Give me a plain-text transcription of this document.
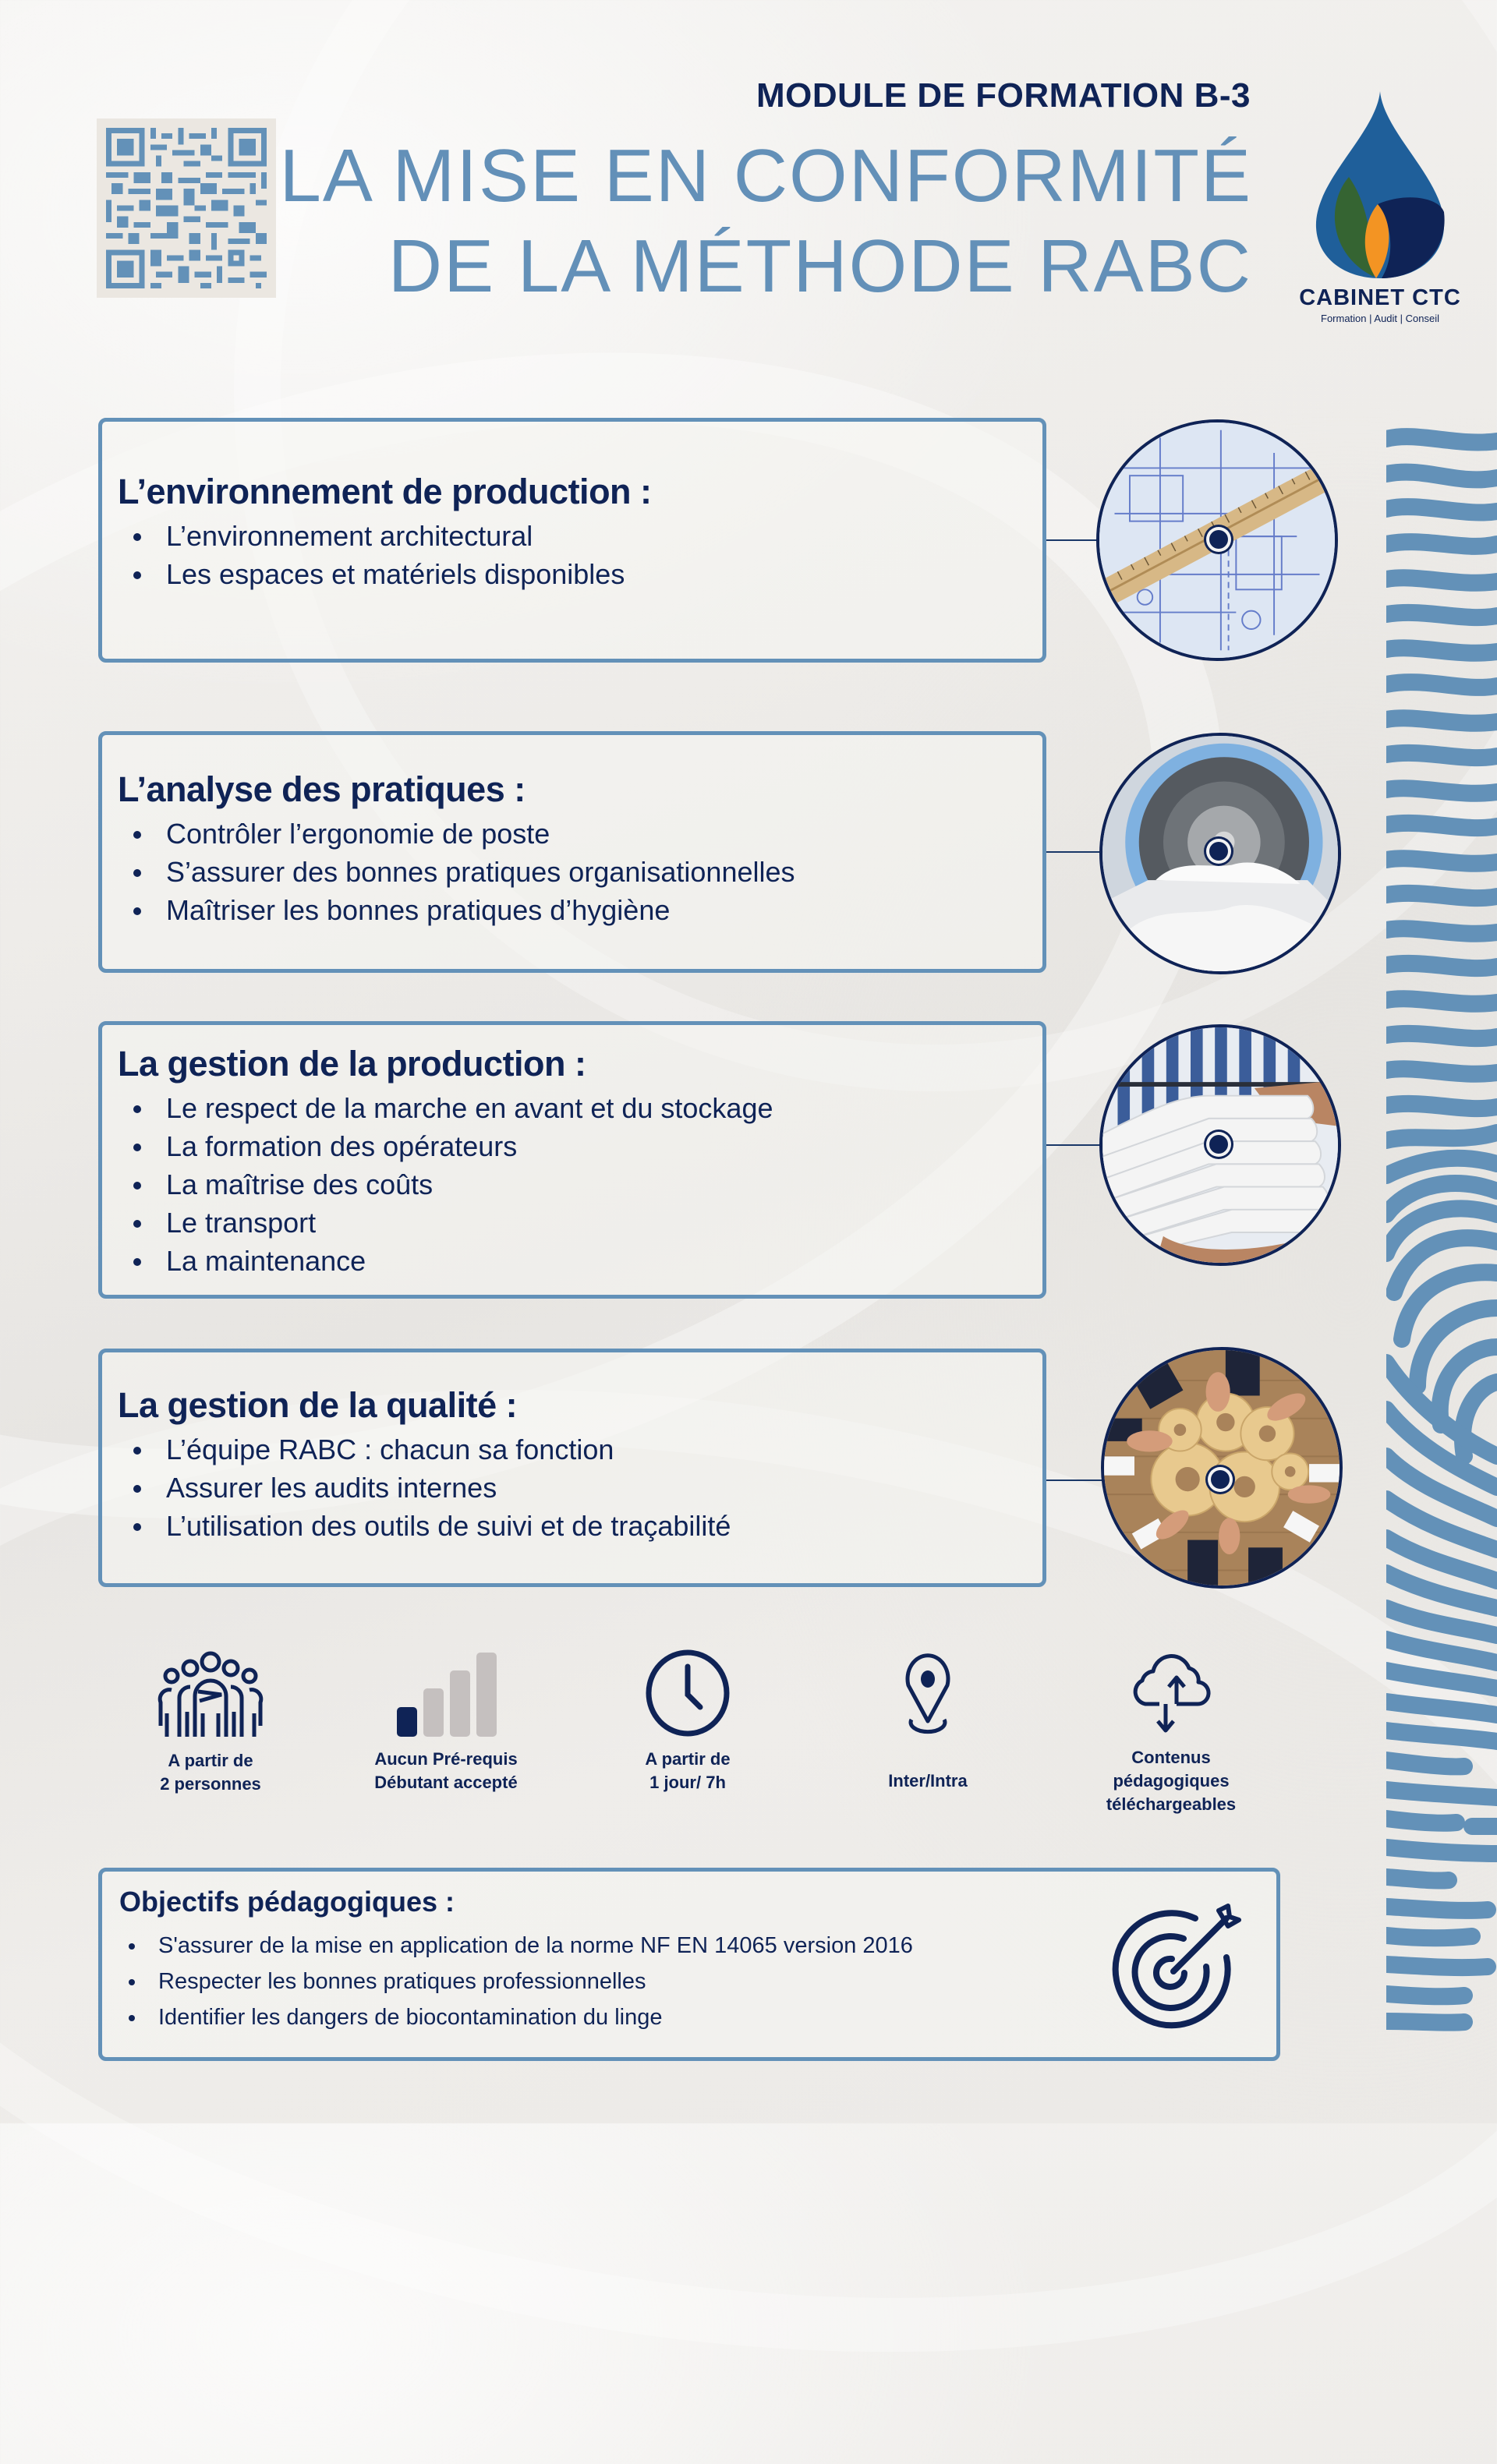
MODULE DE FORMATION B-3
LA MISE EN CONFORMITÉ
DE LA MÉTHODE RABC CABINET CTC
Formation | Audit | Conseil
L’environnement de production :
L’environnement architectural
Les espaces et matériels disponibles
L’analyse des pratiques :
Contrôler l’ergonomie de poste
S’assurer des bonnes pratiques organisationnelles
Maîtriser les bonnes pratiques d’hygiène
La gestion de la production :
Le respect de la marche en avant et du stockage
La formation des opérateurs
La maîtrise des coûts
Le transport
La maintenance
La gestion de la qualité :
L’équipe RABC : chacun sa fonction
Assurer les audits internes
L’utilisation des outils de suivi et de traçabilité
A partir de
2 personnes
Aucun Pré-requis
Débutant accepté
A partir de
1 jour/ 7h	Inter/Intra
Contenus
pédagogiques
téléchargeables
Objectifs pédagogiques :
S'assurer de la mise en application de la norme NF EN 14065 version 2016
Respecter les bonnes pratiques professionnelles
Identifier les dangers de biocontamination du linge
